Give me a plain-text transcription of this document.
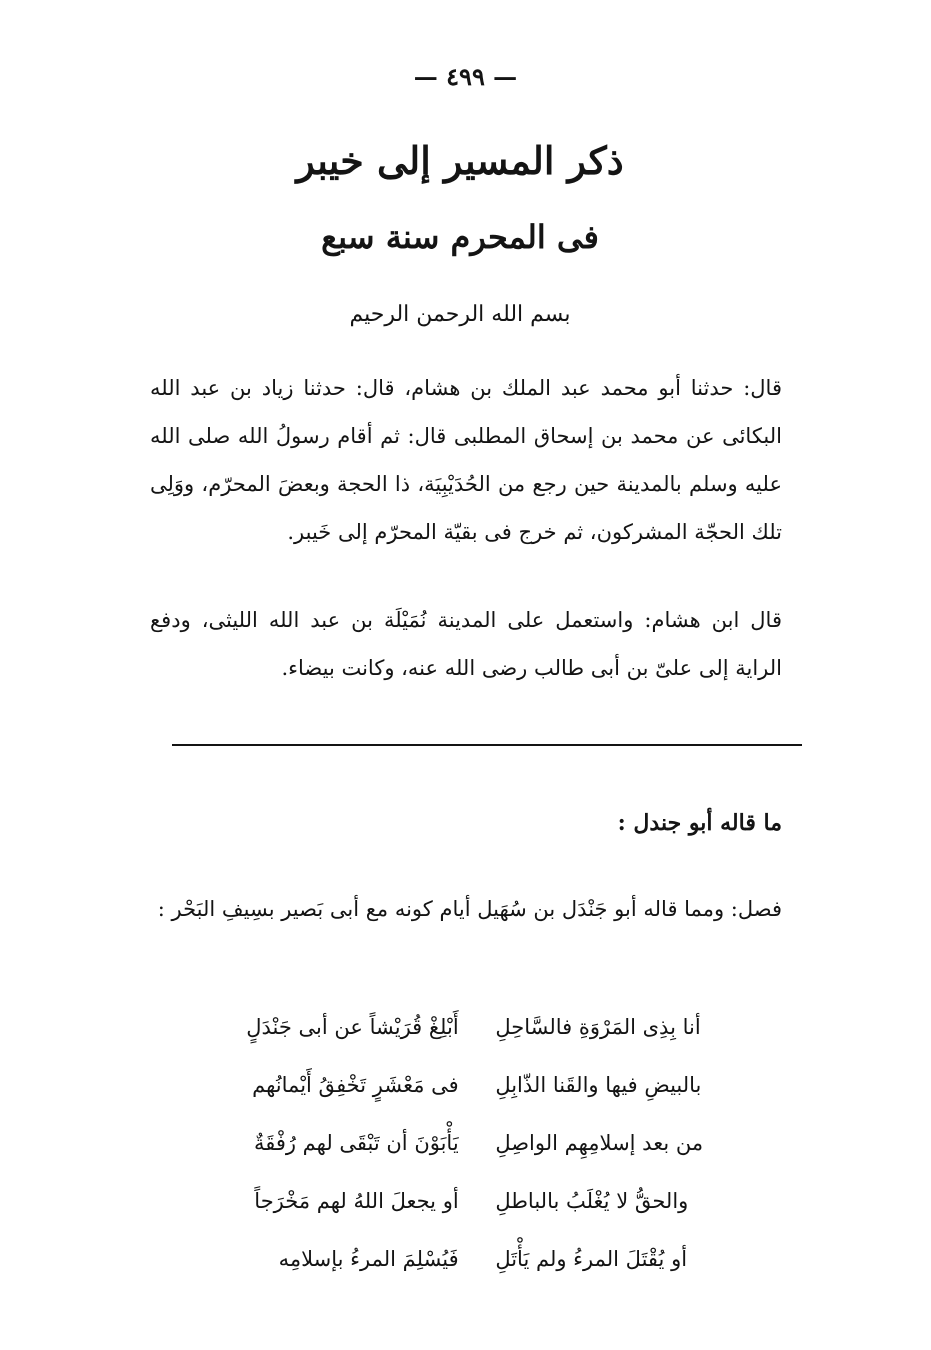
— ٤٩٩ —
ذكر المسير إلى خيبر
فى المحرم سنة سبع
بسم الله الرحمن الرحيم

قال: حدثنا أبو محمد عبد الملك بن هشام، قال: حدثنا زياد بن عبد الله البكائى عن محمد بن إسحاق المطلبى قال: ثم أقام رسولُ الله صلى الله عليه وسلم بالمدينة حين رجع من الحُدَيْبِيَة، ذا الحجة وبعضَ المحرّم، ووَلِى تلك الحجّة المشركون، ثم خرج فى بقيّة المحرّم إلى خَيبر.

قال ابن هشام: واستعمل على المدينة نُمَيْلَة بن عبد الله الليثى، ودفع الراية إلى علىّ بن أبى طالب رضى الله عنه، وكانت بيضاء.

ما قاله أبو جندل :

فصل: ومما قاله أبو جَنْدَل بن سُهَيل أيام كونه مع أبى بَصير بسِيفِ البَحْر :

أَبْلِغْ قُرَيْشاً عن أبى جَنْدَلٍ أنا بِذِى المَرْوَةِ فالسَّاحِلِ
فى مَعْشَرٍ تَخْفِقُ أَيْمانُهم بالبيضِ فيها والقَنا الذّابِلِ
يَأْبَوْنَ أن تَبْقَى لهم رُفْقَةٌ من بعد إسلامِهِم الواصِلِ
أو يجعلَ اللهُ لهم مَخْرَجاً والحقُّ لا يُغْلَبُ بالباطلِ
فَيُسْلِمَ المرءُ بإسلامِه أو يُقْتَلَ المرءُ ولم يَأْتَلِ
